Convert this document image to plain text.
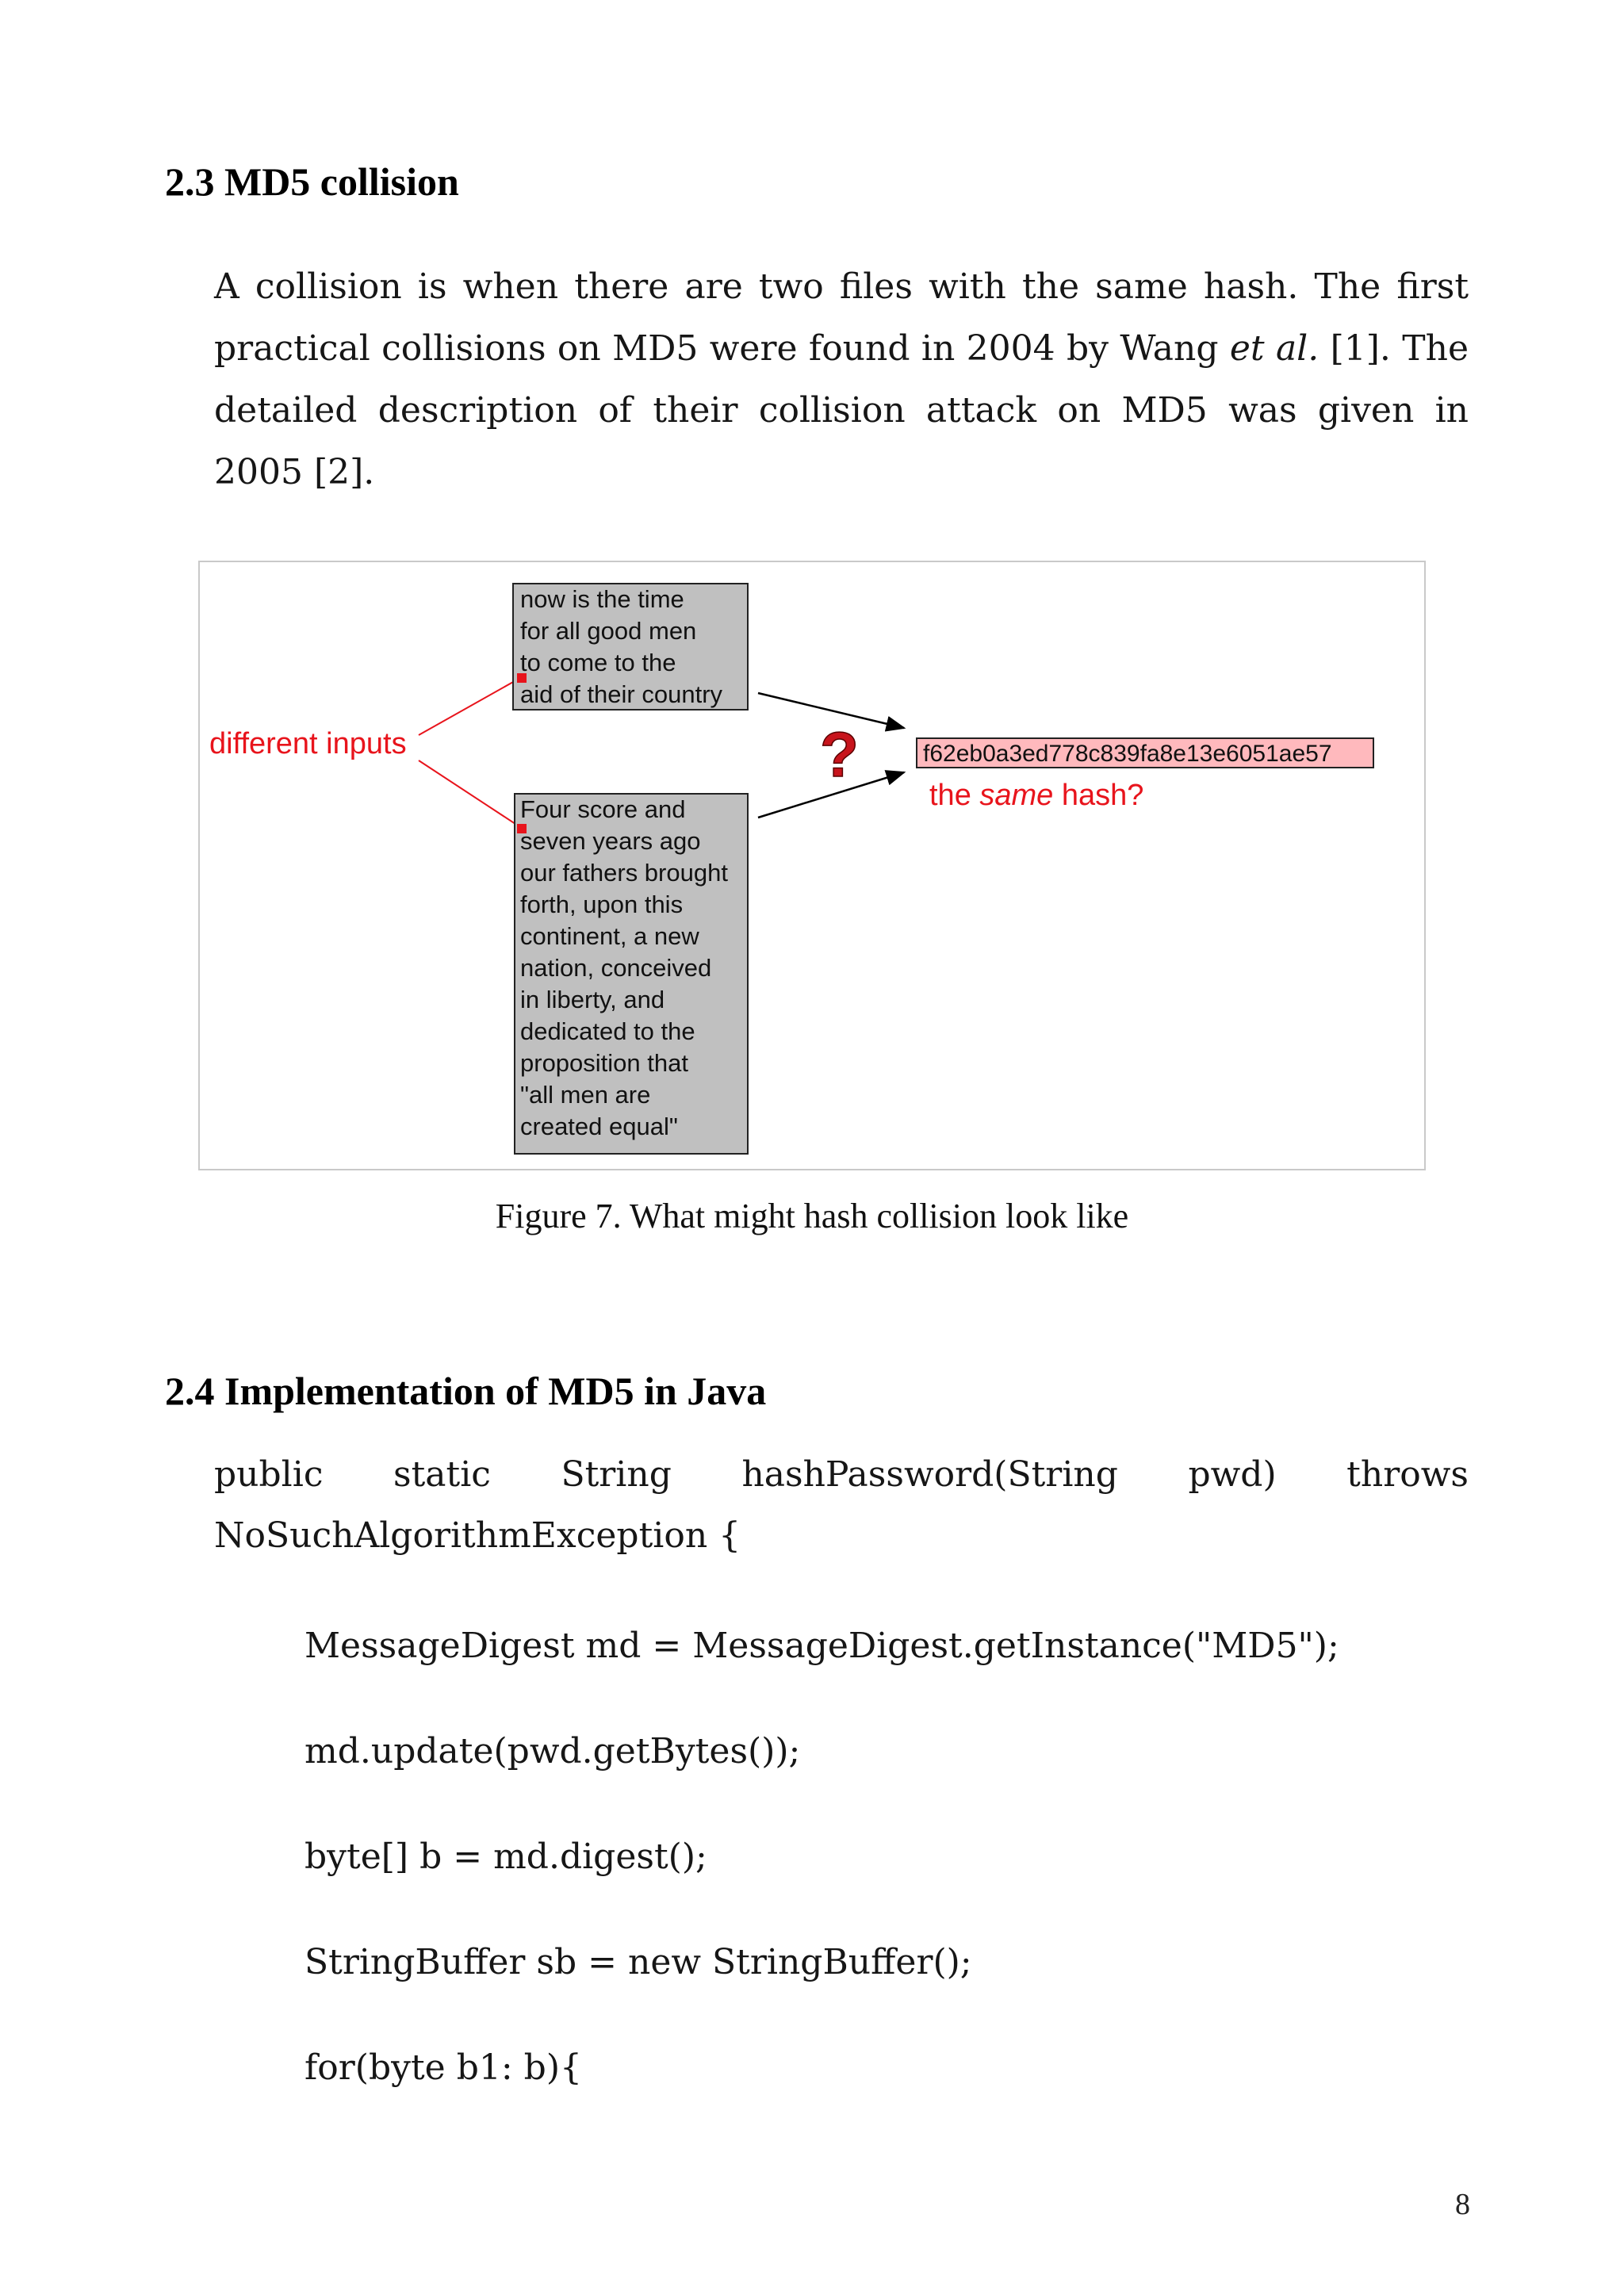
2.3 MD5 collision
A collision is when there are two files with the same hash. The first practical collisions on MD5 were found in 2004 by Wang et al. [1]. The detailed description of their collision attack on MD5 was given in 2005 [2].
different inputs
now is the time
for all good men
to come to the
aid of their country
Four score and
seven years ago
our fathers brought
forth, upon this
continent, a new
nation, conceived
in liberty, and
dedicated to the
proposition that
"all men are
created equal"
?	f62eb0a3ed778c839fa8e13e6051ae57
the same hash?
Figure 7. What might hash collision look like
2.4 Implementation of MD5 in Java
public static String hashPassword(String pwd) throws
NoSuchAlgorithmException {
MessageDigest md = MessageDigest.getInstance("MD5");
md.update(pwd.getBytes());
byte[] b = md.digest();
StringBuffer sb = new StringBuffer();
for(byte b1: b){
8
